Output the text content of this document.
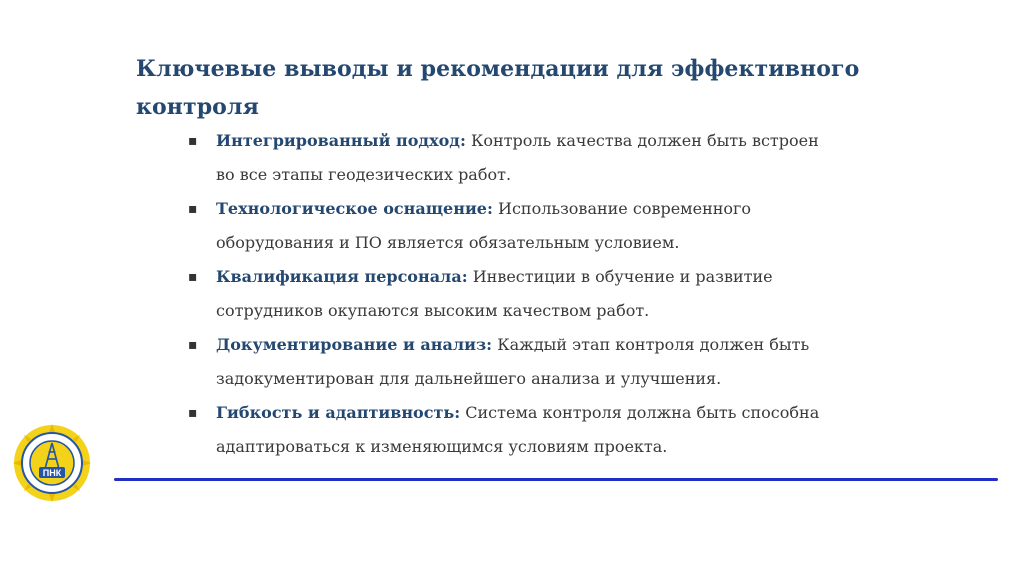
Ключевые выводы и рекомендации для эффективного контроля
▪ Интегрированный подход: Контроль качества должен быть встроен
во все этапы геодезических работ.
▪ Технологическое оснащение: Использование современного
оборудования и ПО является обязательным условием.
▪ Квалификация персонала: Инвестиции в обучение и развитие
сотрудников окупаются высоким качеством работ.
▪ Документирование и анализ: Каждый этап контроля должен быть
задокументирован для дальнейшего анализа и улучшения.
▪ Гибкость и адаптивность: Система контроля должна быть способна
адаптироваться к изменяющимся условиям проекта.
ПНК
